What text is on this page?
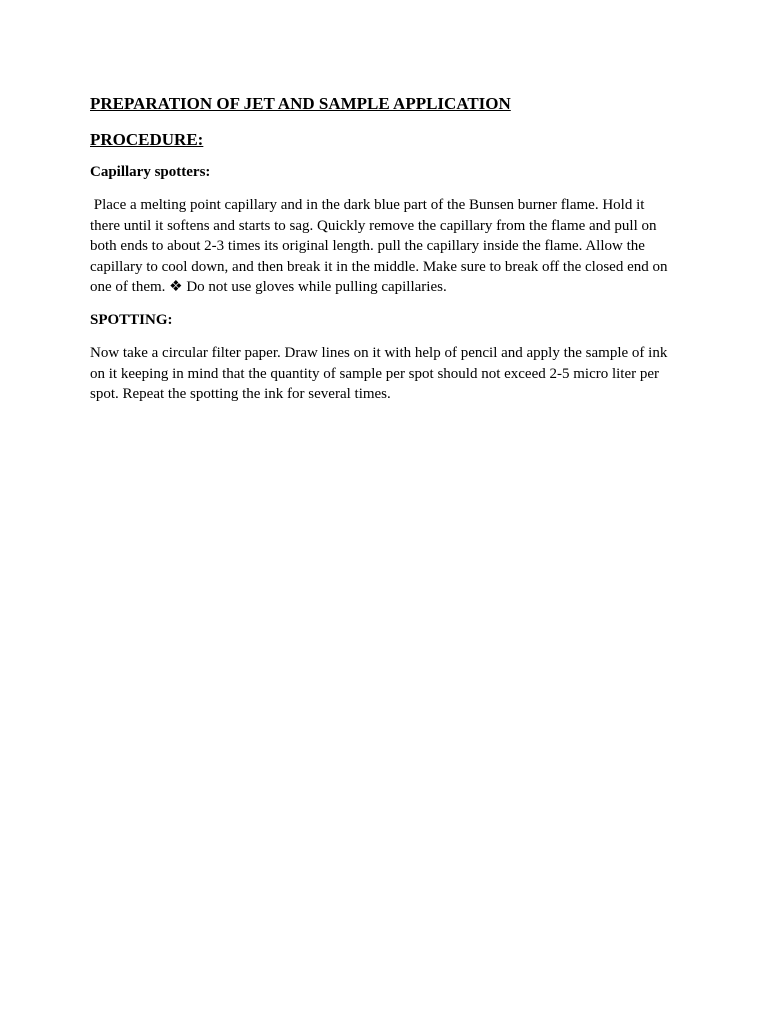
PREPARATION OF JET AND SAMPLE APPLICATION
PROCEDURE:
Capillary spotters:

Place a melting point capillary and in the dark blue part of the Bunsen burner flame. Hold it there until it softens and starts to sag. Quickly remove the capillary from the flame and pull on both ends to about 2-3 times its original length. pull the capillary inside the flame. Allow the capillary to cool down, and then break it in the middle. Make sure to break off the closed end on one of them. ❖ Do not use gloves while pulling capillaries.

SPOTTING:

Now take a circular filter paper. Draw lines on it with help of pencil and apply the sample of ink on it keeping in mind that the quantity of sample per spot should not exceed 2-5 micro liter per spot. Repeat the spotting the ink for several times.
